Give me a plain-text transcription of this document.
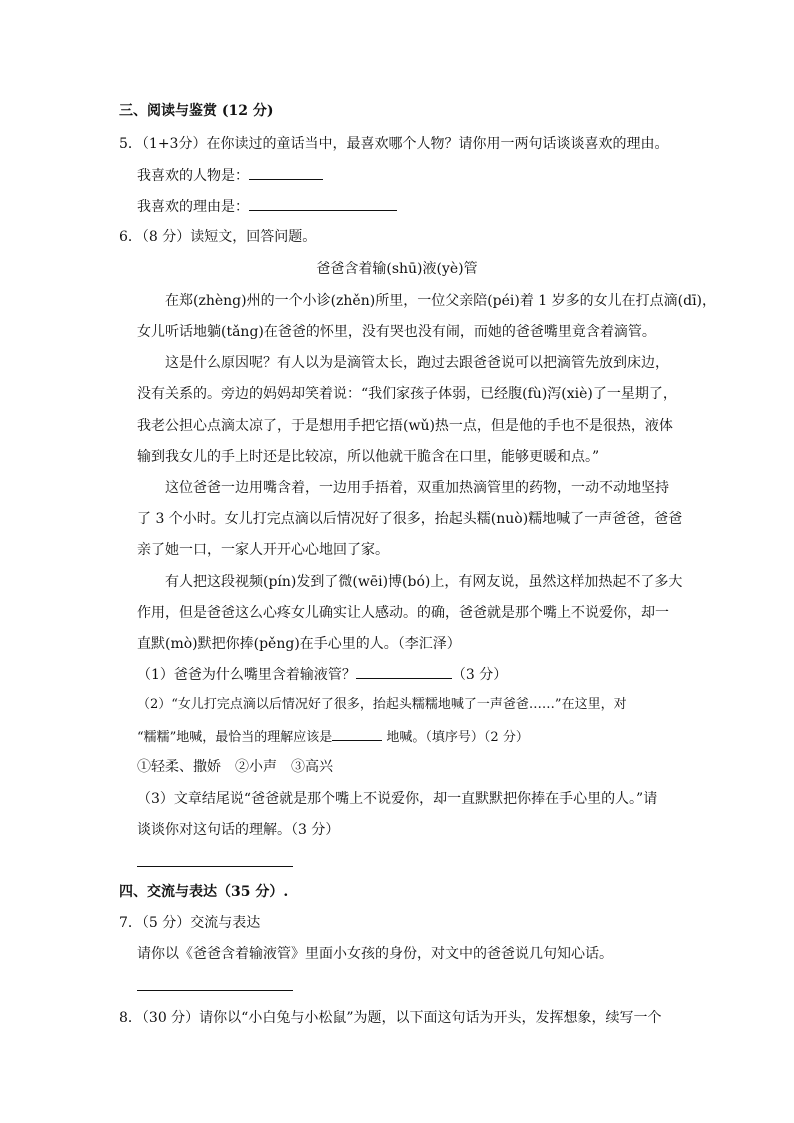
三、阅读与鉴赏 (12 分)
5．（1+3分）在你读过的童话当中，最喜欢哪个人物？请你用一两句话谈谈喜欢的理由。
我喜欢的人物是：
我喜欢的理由是：
6．（8 分）读短文，回答问题。
爸爸含着输(shū)液(yè)管
在郑(zhèng)州的一个小诊(zhěn)所里，一位父亲陪(péi)着 1 岁多的女儿在打点滴(dī)，
女儿听话地躺(tǎng)在爸爸的怀里，没有哭也没有闹，而她的爸爸嘴里竟含着滴管。
这是什么原因呢？有人以为是滴管太长，跑过去跟爸爸说可以把滴管先放到床边，
没有关系的。旁边的妈妈却笑着说：“我们家孩子体弱，已经腹(fù)泻(xiè)了一星期了，
我老公担心点滴太凉了，于是想用手把它捂(wǔ)热一点，但是他的手也不是很热，液体
输到我女儿的手上时还是比较凉，所以他就干脆含在口里，能够更暖和点。”
这位爸爸一边用嘴含着，一边用手捂着，双重加热滴管里的药物，一动不动地坚持
了 3 个小时。女儿打完点滴以后情况好了很多，抬起头糯(nuò)糯地喊了一声爸爸，爸爸
亲了她一口，一家人开开心心地回了家。
有人把这段视频(pín)发到了微(wēi)博(bó)上，有网友说，虽然这样加热起不了多大
作用，但是爸爸这么心疼女儿确实让人感动。的确，爸爸就是那个嘴上不说爱你，却一
直默(mò)默把你捧(pěng)在手心里的人。（李汇泽）
（1）爸爸为什么嘴里含着输液管？	（3 分）
（2）“女儿打完点滴以后情况好了很多，抬起头糯糯地喊了一声爸爸……”在这里，对
“糯糯”地喊，最恰当的理解应该是	地喊。（填序号）（2 分）
①轻柔、撒娇　②小声　③高兴
（3）文章结尾说“爸爸就是那个嘴上不说爱你，却一直默默把你捧在手心里的人。”请
谈谈你对这句话的理解。（3 分）
四、交流与表达（35 分）.
7．（5 分）交流与表达
请你以《爸爸含着输液管》里面小女孩的身份，对文中的爸爸说几句知心话。
8．（30 分）请你以“小白兔与小松鼠”为题，以下面这句话为开头，发挥想象，续写一个
